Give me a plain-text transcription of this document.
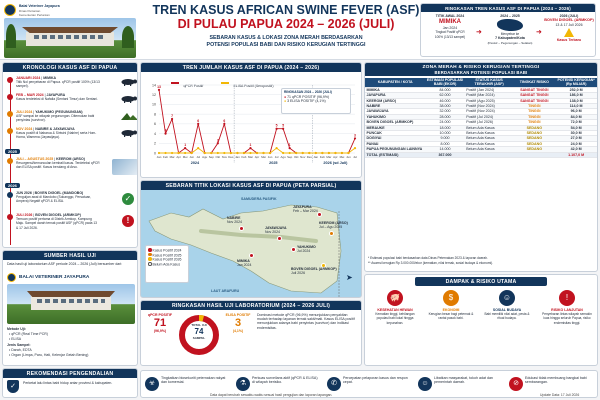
Balai Veteriner Jayapura
Dinas Pertanian
Kementerian Pertanian	TREN KASUS AFRICAN SWINE FEVER (ASF)
DI PULAU PAPUA 2024 – 2026 (JULI)
SEBARAN KASUS & LOKASI ZONA MERAH BERDASARKAN
POTENSI POPULASI BABI DAN RISIKO KERUGIAN TERTINGGI
RINGKASAN TREN KASUS ASF DI PAPUA (2024 – 2026)
TITIK AWAL 2024
MIMIKA
Jan 2024
Tingkat Positif qPCR
100% (13/13 sampel)
➜
2024 – 2025
Menyebar ke
7 Kabupaten/Kota
(Pesisir – Pegunungan – Selatan)
➜
2026 (JULI)
BOVEN DIGOEL (ARMKOP)
13 & 17 Juli 2026
Kasus Terbaru
KRONOLOGI KASUS ASF DI PAPUA
JANUARI 2024 | MIMIKA
Titik Nol penyebaran di Papua. qPCR positif 100% (13/13 sampel).
FEB – MAR 2024 | JAYAPURA
Kasus terdeteksi di Nafalia (Sentani Timur) dan Sentani.
JULI 2024 | YAHUKIMO (PEGUNUNGAN)
ASF sampai ke wilayah pegunungan. Ditemukan babi penyintas (survivor).
NOV 2024 | NABIRE & JAYAWIJAYA
Kasus positif di Nabarua & Siriwini (Nabire) serta Hom-Homa, Wamena (Jayawijaya).
2025
JULI – AGUSTUS 2025 | KEEROM (ARSO)
Resurgensi/kemunculan kembali kasus. Terdeteksi qPCR dan ELISA positif. Kasus berulang di Arso.
2026
JUN 2026 | BOVEN DIGOEL (MANDOBO)
Penguijan awal di Mandobo (Sokanggo, Persatuan, Ampera) Negatif qPCR & ELISA.	✓
JULI 2026 | BOVEN DIGOEL (ARMKOP)
Temuan positif pertama di Distrik Armkop, Kampung Maju. Sampel darah ternak positif ASF (qPCR) pada 13 & 17 Juli 2026.
!
SUMBER HASIL UJI
Data hasil uji laboratorium ASF periode 2024 – 2026 (Juli) bersumber dari:
BALAI VETERINER JAYAPURA
Metode Uji:
• qPCR (Real Time PCR)
• ELISA
Jenis Sampel:
• Darah, EDTA
• Organ (Limpa, Paru, Hati, Kelenjar Getah Bening)
REKOMENDASI PENGENDALIAN
✓	Perketat lalu lintas babi hidup antar provinsi & kabupaten.	☣
Tingkatkan biosekuriti peternakan rakyat dan komersial.	⚗
Perkuas surveilans aktif (qPCR & ELISA) di wilayah berisiko.	✆
Percepatan pelaporan kasus dan respon cepat.	☺
Libatkan masyarakat, tokoh adat dan pemerintah daerah.	⊘
Edukasi tidak membuang bangkai babi sembarangan.
TREN JUMLAH KASUS ASF DI PAPUA (2024 – 2026)
qPCR Positif	ELISA Positif (Seropositif)
0
2
4
6
8
10
12
14
Jan Feb Mar Apr Mei Jun Jul Agu Sep Okt Nov Des Jan Feb Mar Apr Mei Jun Jul Agu Sep Okt Nov Des Jan Feb Mar Apr Mei Jun Jul
2024	2025	2026 (sd Juli)
13
4
7
1
6
2
6
1
5 5
1
3
RINGKASAN 2024 – 2026 (JULI)
● 71 qPCR POSITIF (96,9%)
● 3 ELISA POSITIF (4,1%)
SEBARAN TITIK LOKASI KASUS ASF DI PAPUA (PETA PARSIAL)
SAMUDERA PASIFIK
LAUT ARAFURU
JAYAPURA
Feb – Mar 2024
NABIRE
Nov 2024
JAYAWIJAYA
Nov 2024
YAHUKIMO
Jul 2024
KEEROM (ARSO)
Jul – Agu 2025
MIMIKA
Jan 2024
BOVEN DIGOEL (ARMKOP)
Juli 2026
Kasus Positif 2024
Kasus Positif 2025
Kasus Positif 2026
Belum Ada Kasus
➤
RINGKASAN HASIL UJI LABORATORIUM (2024 – 2026 JULI)
qPCR POSITIF
71
(96,9%)
TOTAL UJI
74
SAMPEL
ELISA POSITIF
3
(4,1%)
Dominasi metode qPCR (96,9%) menunjukkan penyakitan mudah terhadap layanan ternak sakit/mati. Kasus ELISA positif menunjukkan adanya babi penyintas (survivor) dan indikasi endemisitas.
ZONA MERAH & RISIKO KERUGIAN TERTINGGI
BERDASARKAN POTENSI POPULASI BABI
KABUPATEN / KOTA	ESTIMASI POPULASI BABI (EKOR)	STATUS KASUS TERAKHIR (ASF)	TINGKAT RISIKO	POTENSI KERUGIAN* (Rp MILIAR)
MIMIKA	84.000	Positif (Jan 2024)	SANGAT TINGGI	252,0 M
JAYAPURA	62.000	Positif (Mar 2024)	SANGAT TINGGI	186,0 M
KEEROM (ARSO)	46.000	Positif (Agu 2025)	SANGAT TINGGI	138,0 M
NABIRE	38.000	Positif (Nov 2024)	TINGGI	114,0 M
JAYAWIJAYA	32.000	Positif (Nov 2024)	TINGGI	96,0 M
YAHUKIMO	28.000	Positif (Jul 2024)	TINGGI	84,0 M
BOVEN DIGOEL (ARMKOP)	24.000	Positif (Jul 2026)	TINGGI	72,0 M
MERAUKE	18.000	Belum Ada Kasus	SEDANG	54,0 M
PUNCAK	10.000	Belum Ada Kasus	SEDANG	30,0 M
DOGIYAI	9.000	Belum Ada Kasus	SEDANG	27,0 M
PANIAI	8.000	Belum Ada Kasus	SEDANG	24,0 M
PAPUA PEGUNUNGAN LAINNYA	14.000	Belum Ada Kasus	SEDANG	42,0 M
TOTAL (ESTIMASI)	367.000			1.107,0 M
* Estimasi populasi babi berdasarkan data Dinas Peternakan 2023 & laporan daerah.
** Asumsi kerugian Rp 3.000.000/ekor (kematian, nilai ternak, sosial budaya & ekonomi).
DAMPAK & RISIKO UTAMA
🐖
KESEHATAN HEWAN
Kematian tinggi, kehilangan populasi babi lokal hingga kepunahan.
$
EKONOMI
Kerugian besar bagi peternak & rantai pasok babi.
☺
SOSIAL BUDAYA
Babi memiliki nilai adat, pesta & ritual budaya.
!
RISIKO LANJUTAN
Penyebaran lintas wilayah semakin luas hingga seluruh Papua, risiko endemisitas tinggi.
Data dapat berubah sewaktu-waktu sesuai hasil pengujian dan laporan lapangan.	Update Data: 17 Juli 2026
